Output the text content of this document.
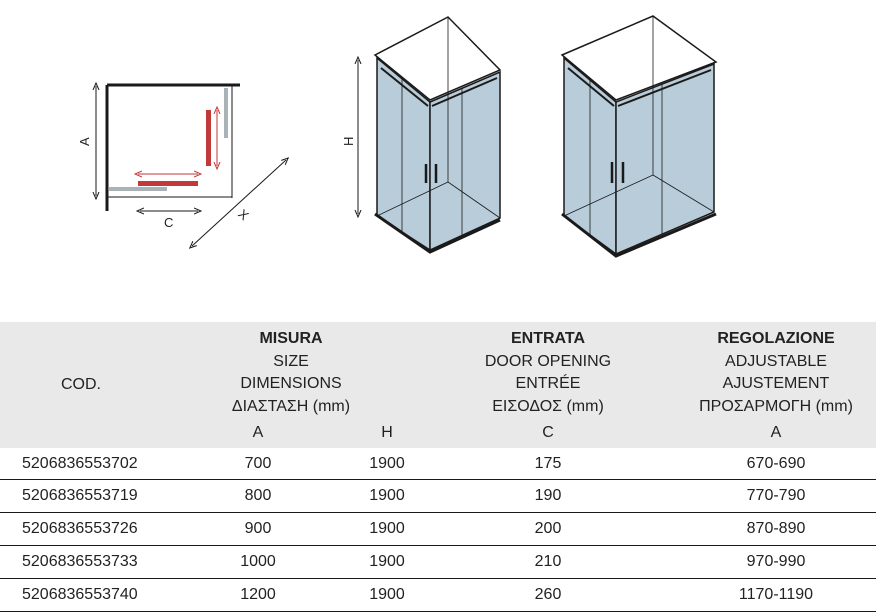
A
C	X
H
COD.	MISURA
SIZE
DIMENSIONS
ΔΙΑΣΤΑΣΗ (mm)		ENTRATA
DOOR OPENING
ENTRÉE
ΕΙΣΟΔΟΣ (mm)	REGOLAZIONE
ADJUSTABLE
AJUSTEMENT
ΠΡΟΣΑΡΜΟΓΗ (mm)

	A	H	C	A
5206836553702	700	1900	175	670-690
5206836553719	800	1900	190	770-790
5206836553726	900	1900	200	870-890
5206836553733	1000	1900	210	970-990
5206836553740	1200	1900	260	1170-1190
